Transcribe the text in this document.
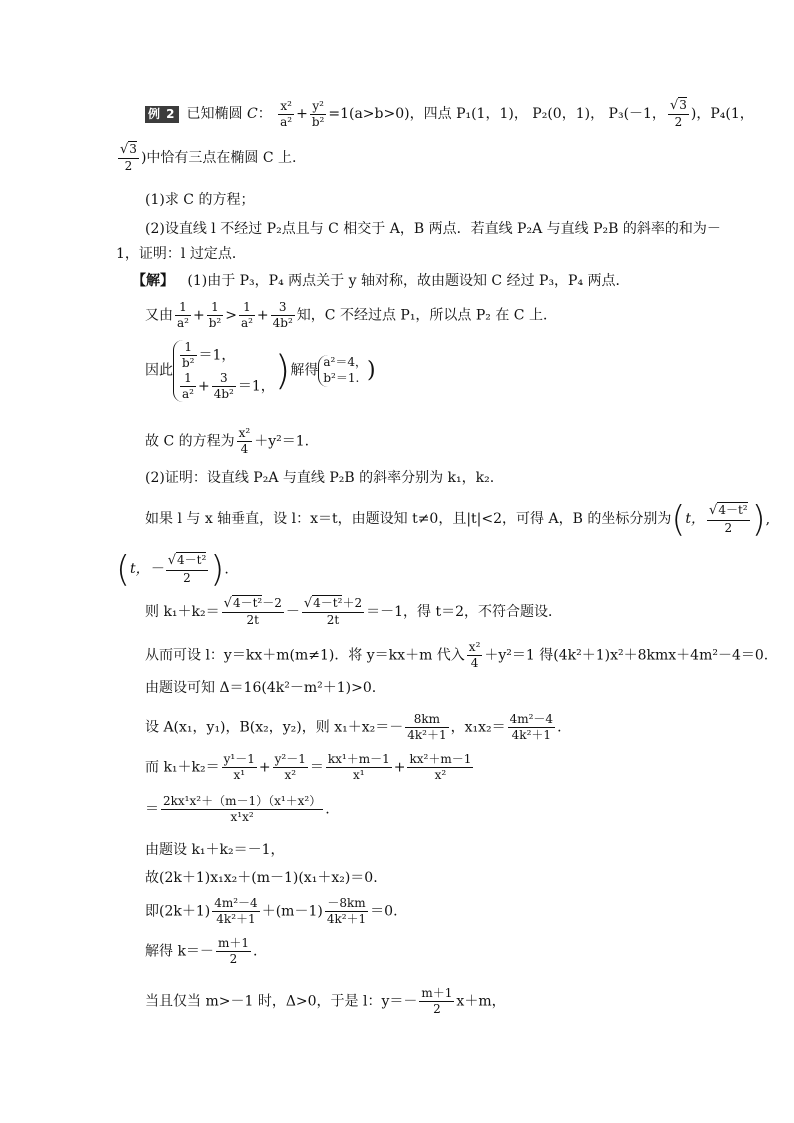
例 2 已知椭圆 C： $\frac{\text{x²}}{\text{a²}} + \frac{\text{y²}}{\text{b²}} =1(a>b>0)$，四点 P₁(1，1)， P₂(0，1)， P₃(－1， $\frac{√3}{2}$ )，P₄(1，
$\frac{√3}{2}$ )中恰有三点在椭圆 C 上.
(1)求 C 的方程；
(2)设直线 l 不经过 P₂点且与 C 相交于 A，B 两点．若直线 P₂A 与直线 P₂B 的斜率的和为－
1，证明：l 过定点．
【解】 (1)由于 P₃，P₄ 两点关于 y 轴对称，故由题设知 C 经过 P₃，P₄ 两点．
又由 $\frac{1}{\text{a²}} + \frac{1}{\text{b²}} > \frac{1}{\text{a²}} + \frac{3}{\text{4b²}}$ 知，C 不经过点 P₁，所以点 P₂ 在 C 上．
因此 $\frac{1}{\text{b²}} =1$，
$\frac{1}{\text{a²}} + \frac{3}{\text{4b²}} =1$， )解得
a²＝4，
b²＝1. )
故 C 的方程为 $\frac{\text{x²}}{4} +y^2=1$.
(2)证明：设直线 P₂A 与直线 P₂B 的斜率分别为 k₁，k₂.
如果 l 与 x 轴垂直，设 l：x＝t，由题设知 t≠0，且|t|<2，可得 A，B 的坐标分别为(t， $\frac{\text{√4－t²}}{2}$ ),
(t，－ $\frac{\text{√4－t²}}{2}$ ).
则 $k_1+k_2= \frac{\text{√4－t²－2}}{2t} - \frac{\text{√4－t²＋2}}{2t} =-1$，得 t＝2，不符合题设．
从而可设 l：y＝kx＋m(m≠1)．将 y＝kx＋m 代入 $\frac{\text{x²}}{4} +y^2=1$ 得(4k²＋1)x²＋8kmx＋4m²－4＝0.
由题设可知 Δ＝16(4k²－m²＋1)>0.
设 A(x₁，y₁)，B(x₂，y₂)，则 $x_1+x_2=- \frac{8km}{\text{4k²＋1}}$ ，$x_1x_2= \frac{\text{4m²－4}}{\text{4k²＋1}}$ .
而 $k_1+k_2= \frac{\text{y¹－1}}{\text{x¹}} + \frac{\text{y²－1}}{\text{x²}} = \frac{\text{kx¹＋m－1}}{\text{x¹}} + \frac{\text{kx²＋m－1}}{\text{x²}}$
＝ $\frac{\text{2kx¹x²＋（m－1）（x¹＋x²）}}{\text{x¹x²}}$ .
由题设 k₁＋k₂＝－1，
故(2k＋1)x₁x₂＋(m－1)(x₁＋x₂)＝0.
即$(2k+1) \frac{\text{4m²－4}}{\text{4k²＋1}} +(m-1) \frac{-8km}{\text{4k²＋1}} =0$.
解得 $k=- \frac{m+1}{2}$ .
当且仅当 m>－1 时，Δ>0，于是 l：$y=- \frac{m+1}{2} x+m$，
